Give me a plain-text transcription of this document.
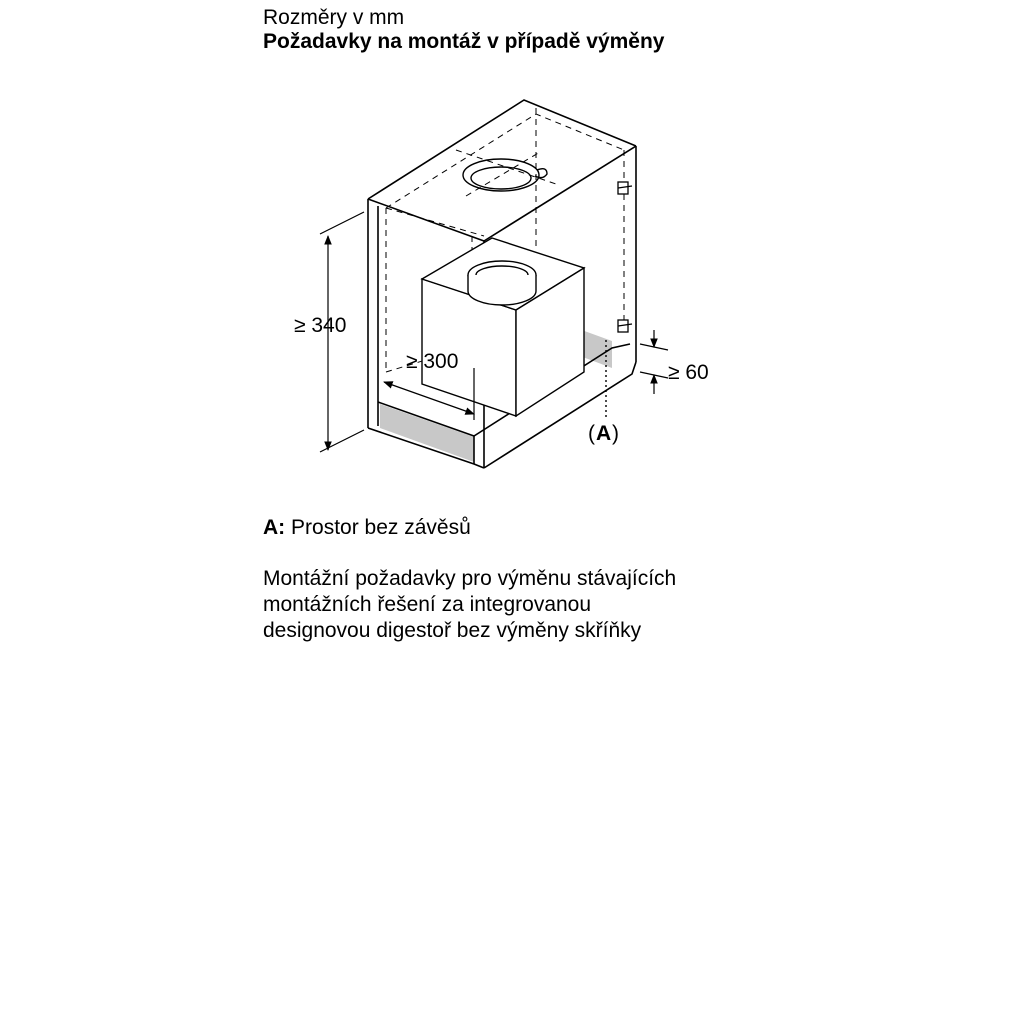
Rozměry v mm
Požadavky na montáž v případě výměny
≥ 340
≥ 300	≥ 60
( A )
A: Prostor bez závěsů
Montážní požadavky pro výměnu stávajících
montážních řešení za integrovanou
designovou digestoř bez výměny skříňky
